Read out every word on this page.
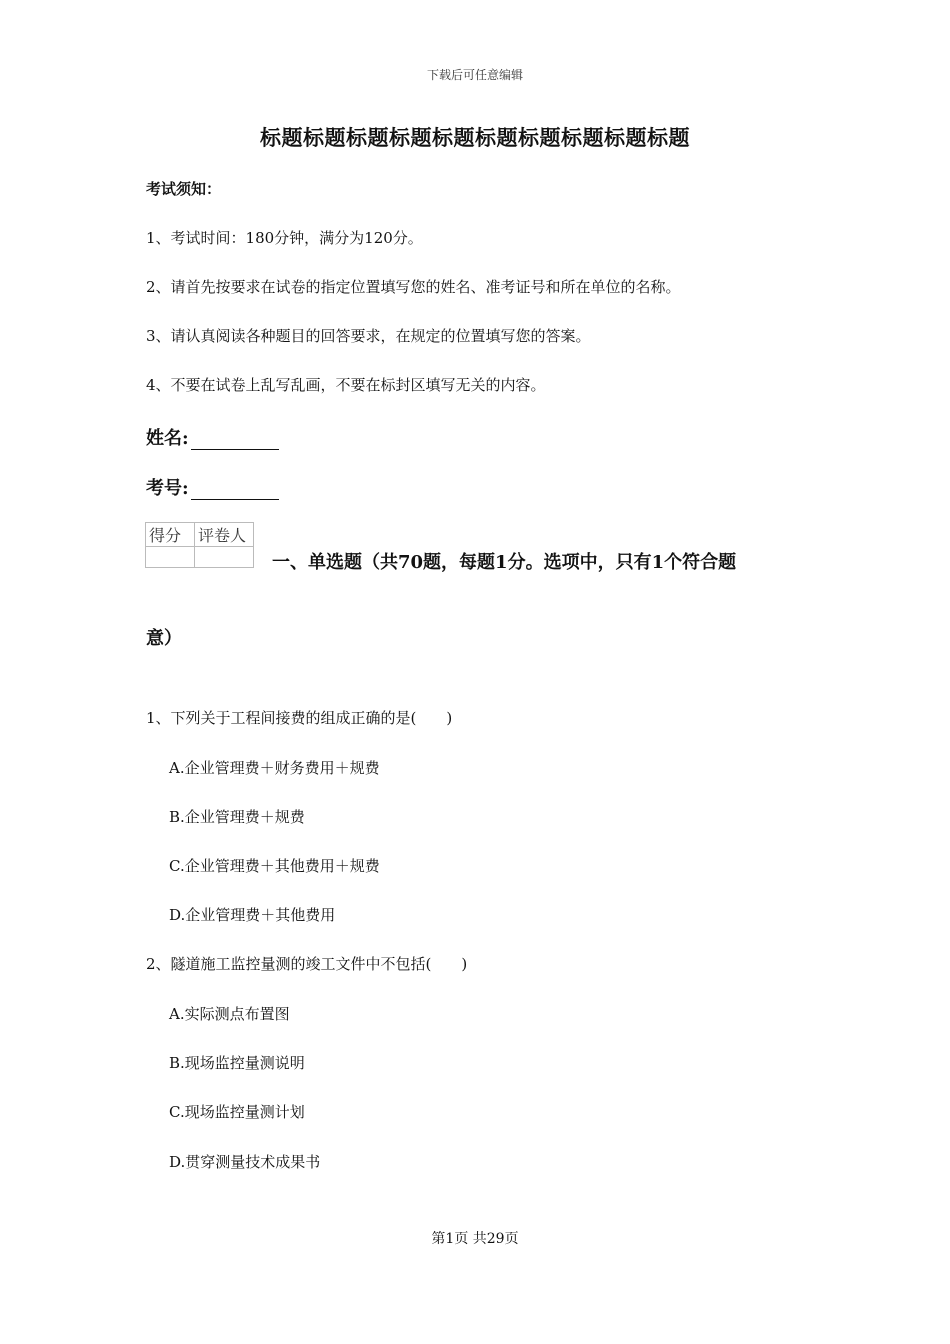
下载后可任意编辑
标题标题标题标题标题标题标题标题标题标题
考试须知：
1、考试时间：180分钟，满分为120分。
2、请首先按要求在试卷的指定位置填写您的姓名、准考证号和所在单位的名称。
3、请认真阅读各种题目的回答要求，在规定的位置填写您的答案。
4、不要在试卷上乱写乱画，不要在标封区填写无关的内容。
姓名:
考号:
得分	评卷人

一、单选题（共70题，每题1分。选项中，只有1个符合题
意）
1、下列关于工程间接费的组成正确的是(　　)
A.企业管理费＋财务费用＋规费
B.企业管理费＋规费
C.企业管理费＋其他费用＋规费
D.企业管理费＋其他费用
2、隧道施工监控量测的竣工文件中不包括(　　)
A.实际测点布置图
B.现场监控量测说明
C.现场监控量测计划
D.贯穿测量技术成果书
第1页 共29页
